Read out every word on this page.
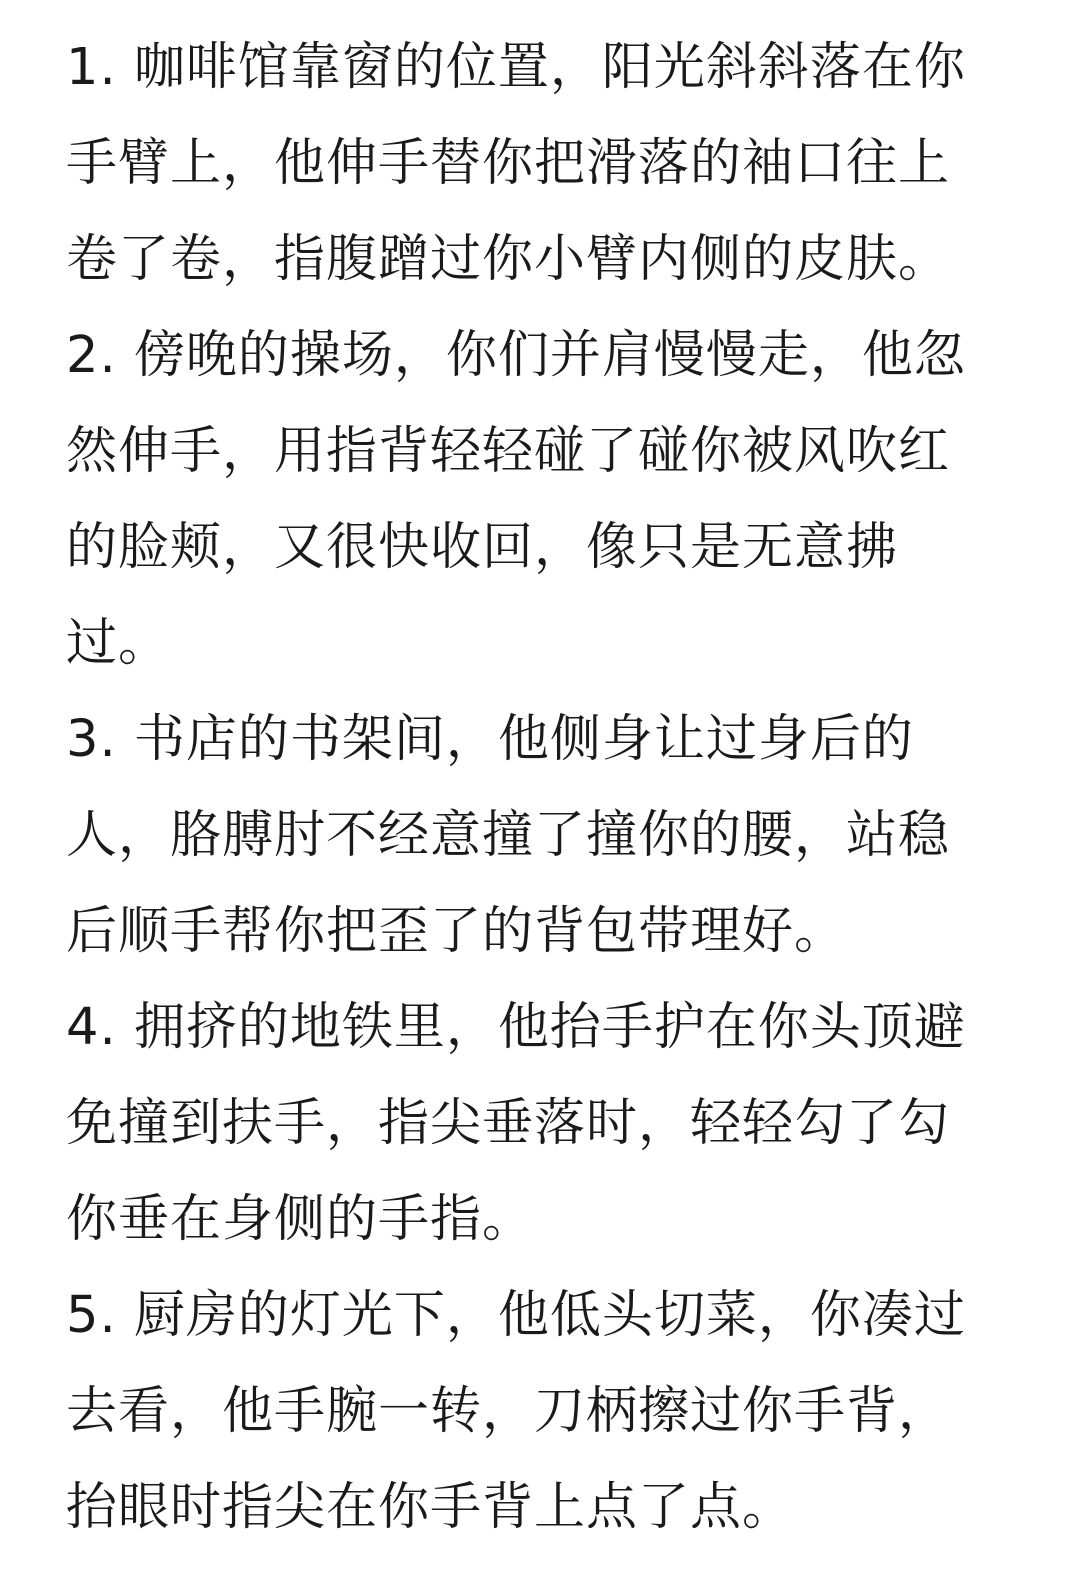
1. 咖啡馆靠窗的位置，阳光斜斜落在你
手臂上，他伸手替你把滑落的袖口往上
卷了卷，指腹蹭过你小臂内侧的皮肤。
2. 傍晚的操场，你们并肩慢慢走，他忽
然伸手，用指背轻轻碰了碰你被风吹红
的脸颊，又很快收回，像只是无意拂
过。
3. 书店的书架间，他侧身让过身后的
人，胳膊肘不经意撞了撞你的腰，站稳
后顺手帮你把歪了的背包带理好。
4. 拥挤的地铁里，他抬手护在你头顶避
免撞到扶手，指尖垂落时，轻轻勾了勾
你垂在身侧的手指。
5. 厨房的灯光下，他低头切菜，你凑过
去看，他手腕一转，刀柄擦过你手背，
抬眼时指尖在你手背上点了点。
